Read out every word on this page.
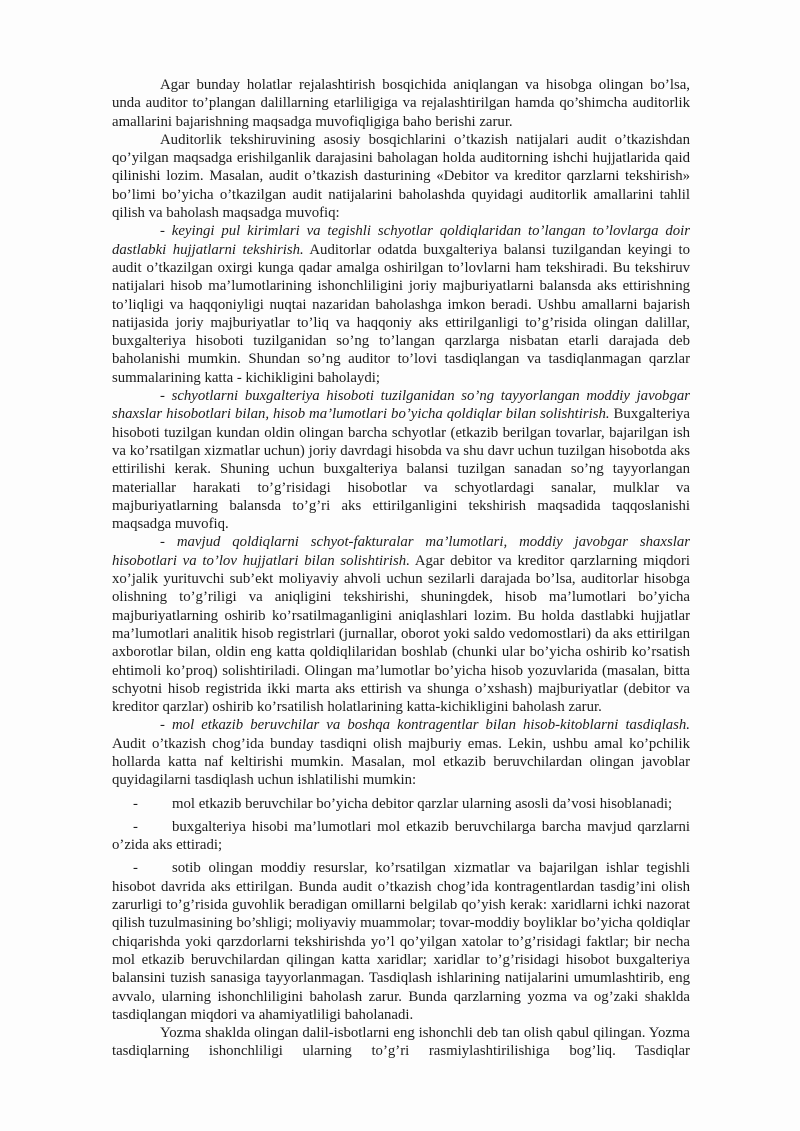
Agar bunday holatlar rejalashtirish bosqichida aniqlangan va hisobga olingan bo’lsa, unda auditor to’plangan dalillarning etarliligiga va rejalashtirilgan hamda qo’shimcha auditorlik amallarini bajarishning maqsadga muvofiqligiga baho berishi zarur.

Auditorlik tekshiruvining asosiy bosqichlarini o’tkazish natijalari audit o’tkazishdan qo’yilgan maqsadga erishilganlik darajasini baholagan holda auditorning ishchi hujjatlarida qaid qilinishi lozim. Masalan, audit o’tkazish dasturining «Debitor va kreditor qarzlarni tekshirish» bo’limi bo’yicha o’tkazilgan audit natijalarini baholashda quyidagi auditorlik amallarini tahlil qilish va baholash maqsadga muvofiq:

- keyingi pul kirimlari va tegishli schyotlar qoldiqlaridan to’langan to’lovlarga doir dastlabki hujjatlarni tekshirish. Auditorlar odatda buxgalteriya balansi tuzilgandan keyingi to audit o’tkazilgan oxirgi kunga qadar amalga oshirilgan to’lovlarni ham tekshiradi. Bu tekshiruv natijalari hisob ma’lumotlarining ishonchliligini joriy majburiyatlarni balansda aks ettirishning to’liqligi va haqqoniyligi nuqtai nazaridan baholashga imkon beradi. Ushbu amallarni bajarish natijasida joriy majburiyatlar to’liq va haqqoniy aks ettirilganligi to’g’risida olingan dalillar, buxgalteriya hisoboti tuzilganidan so’ng to’langan qarzlarga nisbatan etarli darajada deb baholanishi mumkin. Shundan so’ng auditor to’lovi tasdiqlangan va tasdiqlanmagan qarzlar summalarining katta - kichikligini baholaydi;

- schyotlarni buxgalteriya hisoboti tuzilganidan so’ng tayyorlangan moddiy javobgar shaxslar hisobotlari bilan, hisob ma’lumotlari bo’yicha qoldiqlar bilan solishtirish. Buxgalteriya hisoboti tuzilgan kundan oldin olingan barcha schyotlar (etkazib berilgan tovarlar, bajarilgan ish va ko’rsatilgan xizmatlar uchun) joriy davrdagi hisobda va shu davr uchun tuzilgan hisobotda aks ettirilishi kerak. Shuning uchun buxgalteriya balansi tuzilgan sanadan so’ng tayyorlangan materiallar harakati to’g’risidagi hisobotlar va schyotlardagi sanalar, mulklar va majburiyatlarning balansda to’g’ri aks ettirilganligini tekshirish maqsadida taqqoslanishi maqsadga muvofiq.

- mavjud qoldiqlarni schyot-fakturalar ma’lumotlari, moddiy javobgar shaxslar hisobotlari va to’lov hujjatlari bilan solishtirish. Agar debitor va kreditor qarzlarning miqdori xo’jalik yurituvchi sub’ekt moliyaviy ahvoli uchun sezilarli darajada bo’lsa, auditorlar hisobga olishning to’g’riligi va aniqligini tekshirishi, shuningdek, hisob ma’lumotlari bo’yicha majburiyatlarning oshirib ko’rsatilmaganligini aniqlashlari lozim. Bu holda dastlabki hujjatlar ma’lumotlari analitik hisob registrlari (jurnallar, oborot yoki saldo vedomostlari) da aks ettirilgan axborotlar bilan, oldin eng katta qoldiqlilaridan boshlab (chunki ular bo’yicha oshirib ko’rsatish ehtimoli ko’proq) solishtiriladi. Olingan ma’lumotlar bo’yicha hisob yozuvlarida (masalan, bitta schyotni hisob registrida ikki marta aks ettirish va shunga o’xshash) majburiyatlar (debitor va kreditor qarzlar) oshirib ko’rsatilish holatlarining katta-kichikligini baholash zarur.

- mol etkazib beruvchilar va boshqa kontragentlar bilan hisob-kitoblarni tasdiqlash. Audit o’tkazish chog’ida bunday tasdiqni olish majburiy emas. Lekin, ushbu amal ko’pchilik hollarda katta naf keltirishi mumkin. Masalan, mol etkazib beruvchilardan olingan javoblar quyidagilarni tasdiqlash uchun ishlatilishi mumkin:

- mol etkazib beruvchilar bo’yicha debitor qarzlar ularning asosli da’vosi hisoblanadi;

- buxgalteriya hisobi ma’lumotlari mol etkazib beruvchilarga barcha mavjud qarzlarni o’zida aks ettiradi;

- sotib olingan moddiy resurslar, ko’rsatilgan xizmatlar va bajarilgan ishlar tegishli hisobot davrida aks ettirilgan. Bunda audit o’tkazish chog’ida kontragentlardan tasdig’ini olish zarurligi to’g’risida guvohlik beradigan omillarni belgilab qo’yish kerak: xaridlarni ichki nazorat qilish tuzulmasining bo’shligi; moliyaviy muammolar; tovar-moddiy boyliklar bo’yicha qoldiqlar chiqarishda yoki qarzdorlarni tekshirishda yo’l qo’yilgan xatolar to’g’risidagi faktlar; bir necha mol etkazib beruvchilardan qilingan katta xaridlar; xaridlar to’g’risidagi hisobot buxgalteriya balansini tuzish sanasiga tayyorlanmagan. Tasdiqlash ishlarining natijalarini umumlashtirib, eng avvalo, ularning ishonchliligini baholash zarur. Bunda qarzlarning yozma va og’zaki shaklda tasdiqlangan miqdori va ahamiyatliligi baholanadi.

Yozma shaklda olingan dalil-isbotlarni eng ishonchli deb tan olish qabul qilingan. Yozma tasdiqlarning ishonchliligi ularning to’g’ri rasmiylashtirilishiga bog’liq. Tasdiqlar
